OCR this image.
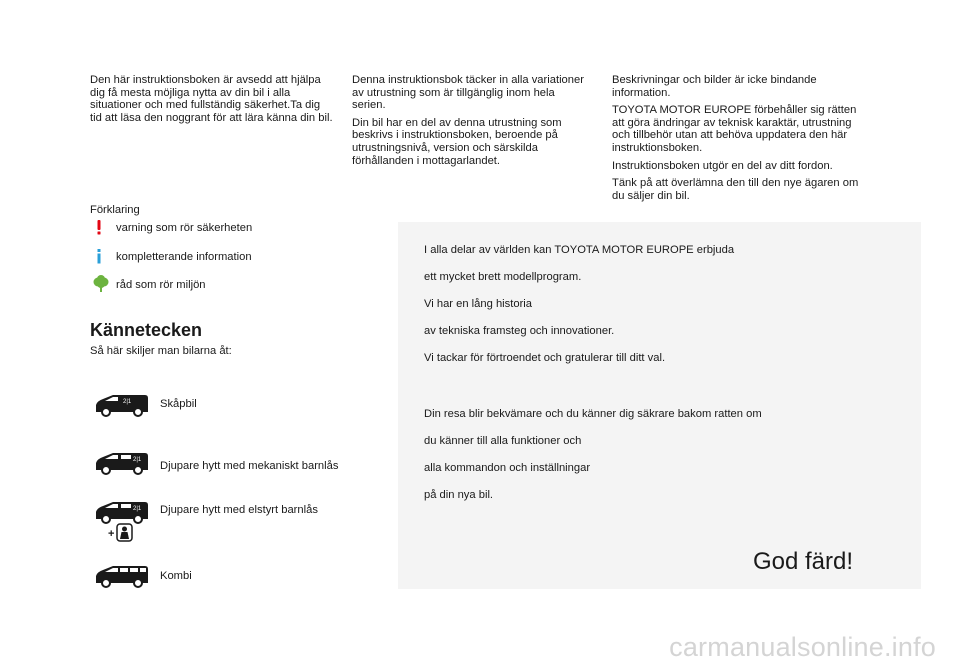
Den här instruktionsboken är avsedd att hjälpa dig få mesta möjliga nytta av din bil i alla situationer och med fullständig säkerhet.Ta dig tid att läsa den noggrant för att lära känna din bil.

Denna instruktionsbok täcker in alla variationer av utrustning som är tillgänglig inom hela serien.

Din bil har en del av denna utrustning som beskrivs i instruktionsboken, beroende på utrustningsnivå, version och särskilda förhållanden i mottagarlandet.

Beskrivningar och bilder är icke bindande information.

TOYOTA MOTOR EUROPE förbehåller sig rätten att göra ändringar av teknisk karaktär, utrustning och tillbehör utan att behöva uppdatera den här instruktionsboken.

Instruktionsboken utgör en del av ditt fordon.

Tänk på att överlämna den till den nye ägaren om du säljer din bil.

Förklaring
varning som rör säkerheten
kompletterande information
råd som rör miljön
Kännetecken
Så här skiljer man bilarna åt:
2|1	Skåpbil
2|1 Djupare hytt med mekaniskt barnlås
2|1
+
Djupare hytt med elstyrt barnlås
Kombi
I alla delar av världen kan TOYOTA MOTOR EUROPE erbjuda
ett mycket brett modellprogram.
Vi har en lång historia
av tekniska framsteg och innovationer.
Vi tackar för förtroendet och gratulerar till ditt val.
Din resa blir bekvämare och du känner dig säkrare bakom ratten om
du känner till alla funktioner och
alla kommandon och inställningar
på din nya bil.
God färd!
carmanualsonline.info
